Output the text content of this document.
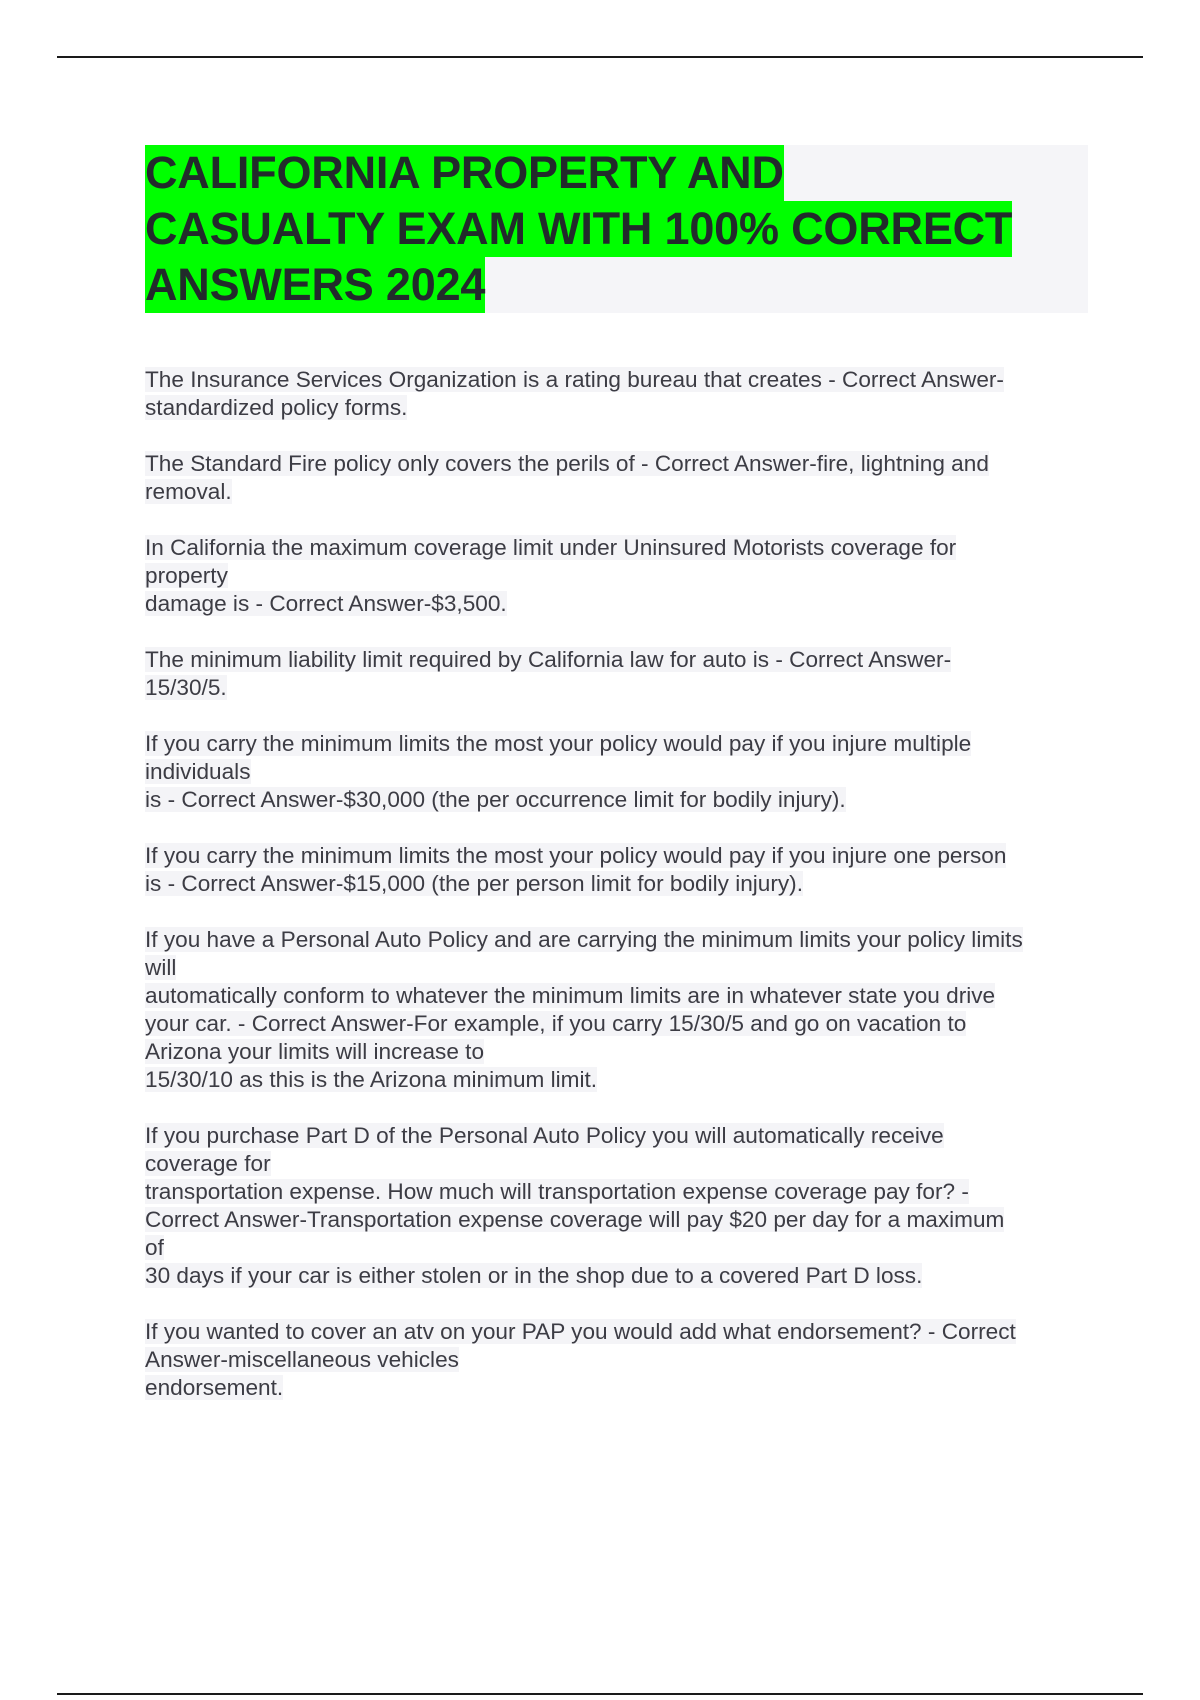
CALIFORNIA PROPERTY AND
CASUALTY EXAM WITH 100% CORRECT
ANSWERS 2024
The Insurance Services Organization is a rating bureau that creates - Correct Answer-
standardized policy forms.
The Standard Fire policy only covers the perils of - Correct Answer-fire, lightning and
removal.
In California the maximum coverage limit under Uninsured Motorists coverage for
property
damage is - Correct Answer-$3,500.
The minimum liability limit required by California law for auto is - Correct Answer-
15/30/5.
If you carry the minimum limits the most your policy would pay if you injure multiple
individuals
is - Correct Answer-$30,000 (the per occurrence limit for bodily injury).
If you carry the minimum limits the most your policy would pay if you injure one person
is - Correct Answer-$15,000 (the per person limit for bodily injury).
If you have a Personal Auto Policy and are carrying the minimum limits your policy limits
will
automatically conform to whatever the minimum limits are in whatever state you drive
your car. - Correct Answer-For example, if you carry 15/30/5 and go on vacation to
Arizona your limits will increase to
15/30/10 as this is the Arizona minimum limit.
If you purchase Part D of the Personal Auto Policy you will automatically receive
coverage for
transportation expense. How much will transportation expense coverage pay for? -
Correct Answer-Transportation expense coverage will pay $20 per day for a maximum
of
30 days if your car is either stolen or in the shop due to a covered Part D loss.
If you wanted to cover an atv on your PAP you would add what endorsement? - Correct
Answer-miscellaneous vehicles
endorsement.
